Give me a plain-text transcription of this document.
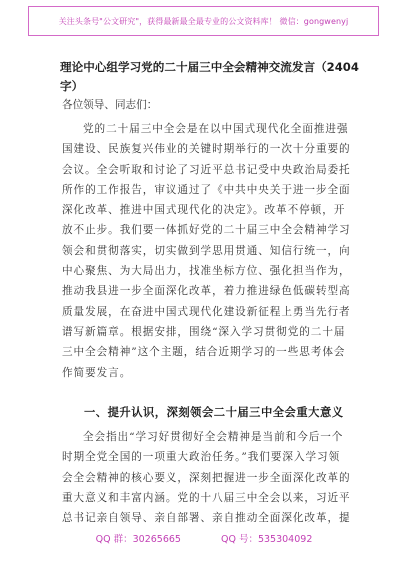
关注头条号"公文研究"，获得最新最全最专业的公文资料库！ 微信：gongwenyj
理论中心组学习党的二十届三中全会精神交流发言（2404字）
各位领导、同志们：
党的二十届三中全会是在以中国式现代化全面推进强
国建设、民族复兴伟业的关键时期举行的一次十分重要的
会议。全会听取和讨论了习近平总书记受中央政治局委托
所作的工作报告，审议通过了《中共中央关于进一步全面
深化改革、推进中国式现代化的决定》。改革不停顿，开
放不止步。我们要一体抓好党的二十届三中全会精神学习
领会和贯彻落实，切实做到学思用贯通、知信行统一，向
中心聚焦、为大局出力，找准坐标方位、强化担当作为，
推动我县进一步全面深化改革，着力推进绿色低碳转型高
质量发展，在奋进中国式现代化建设新征程上勇当先行者
谱写新篇章。根据安排，围绕“深入学习贯彻党的二十届
三中全会精神”这个主题，结合近期学习的一些思考体会
作简要发言。
一、提升认识，深刻领会二十届三中全会重大意义
全会指出“学习好贯彻好全会精神是当前和今后一个
时期全党全国的一项重大政治任务。”我们要深入学习领
会全会精神的核心要义，深刻把握进一步全面深化改革的
重大意义和丰富内涵。党的十八届三中全会以来，习近平
总书记亲自领导、亲自部署、亲自推动全面深化改革，提
QQ 群：30265665	QQ 号：535304092
